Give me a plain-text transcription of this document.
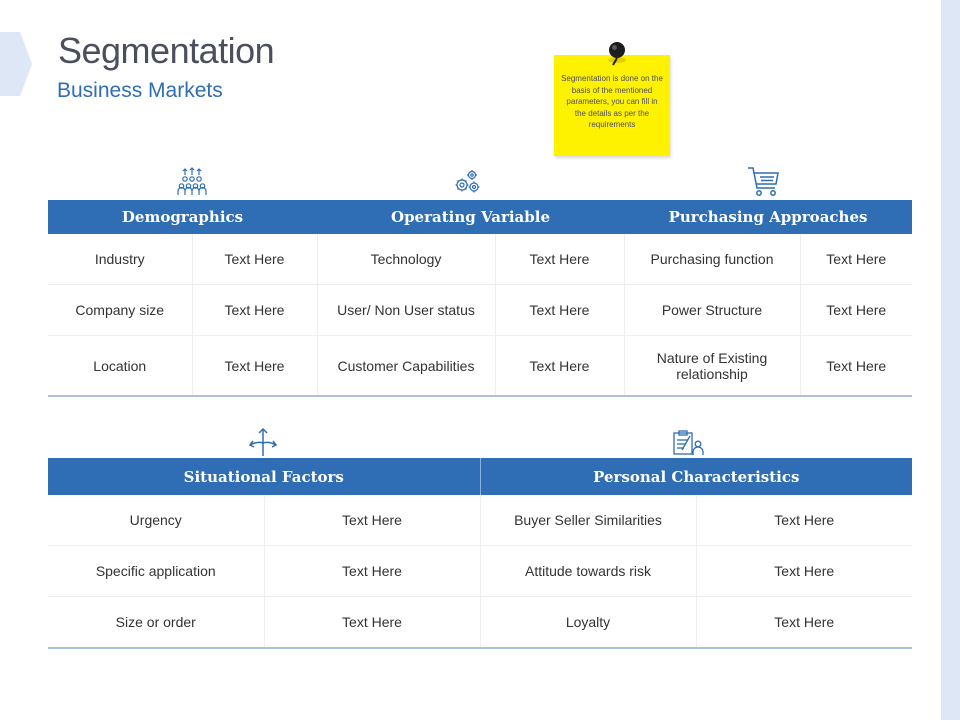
Segmentation
Business Markets
Segmentation is done on the basis of the mentioned parameters, you can fill in the details as per the requirements
Demographics		Operating Variable		Purchasing Approaches	
Industry	Text Here	Technology	Text Here	Purchasing function	Text Here
Company size	Text Here	User/ Non User status	Text Here	Power Structure	Text Here
Location	Text Here	Customer Capabilities	Text Here	Nature of Existing relationship	Text Here
Situational Factors		Personal Characteristics	
Urgency	Text Here	Buyer Seller Similarities	Text Here
Specific application	Text Here	Attitude towards risk	Text Here
Size or order	Text Here	Loyalty	Text Here
